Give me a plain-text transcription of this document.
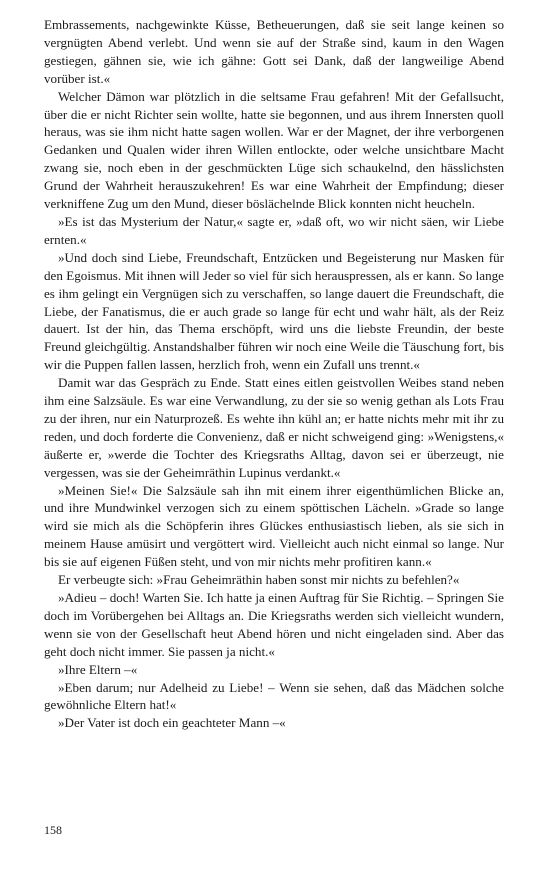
Embrassements, nachgewinkte Küsse, Betheuerungen, daß sie seit lange keinen so vergnügten Abend verlebt. Und wenn sie auf der Straße sind, kaum in den Wagen gestiegen, gähnen sie, wie ich gähne: Gott sei Dank, daß der langweilige Abend vorüber ist.«

Welcher Dämon war plötzlich in die seltsame Frau gefahren! Mit der Gefallsucht, über die er nicht Richter sein wollte, hatte sie begonnen, und aus ihrem Innersten quoll heraus, was sie ihm nicht hatte sagen wollen. War er der Magnet, der ihre verborgenen Gedanken und Qualen wider ihren Willen entlockte, oder welche unsichtbare Macht zwang sie, noch eben in der geschmückten Lüge sich schaukelnd, den hässlichsten Grund der Wahrheit herauszukehren! Es war eine Wahrheit der Empfindung; dieser verkniffene Zug um den Mund, dieser böslächelnde Blick konnten nicht heucheln.

»Es ist das Mysterium der Natur,« sagte er, »daß oft, wo wir nicht säen, wir Liebe ernten.«

»Und doch sind Liebe, Freundschaft, Entzücken und Begeisterung nur Masken für den Egoismus. Mit ihnen will Jeder so viel für sich herauspressen, als er kann. So lange es ihm gelingt ein Vergnügen sich zu verschaffen, so lange dauert die Freundschaft, die Liebe, der Fanatismus, die er auch grade so lange für echt und wahr hält, als der Reiz dauert. Ist der hin, das Thema erschöpft, wird uns die liebste Freundin, der beste Freund gleichgültig. Anstandshalber führen wir noch eine Weile die Täuschung fort, bis wir die Puppen fallen lassen, herzlich froh, wenn ein Zufall uns trennt.«

Damit war das Gespräch zu Ende. Statt eines eitlen geistvollen Weibes stand neben ihm eine Salzsäule. Es war eine Verwandlung, zu der sie so wenig gethan als Lots Frau zu der ihren, nur ein Naturprozeß. Es wehte ihn kühl an; er hatte nichts mehr mit ihr zu reden, und doch forderte die Convenienz, daß er nicht schweigend ging: »Wenigstens,« äußerte er, »werde die Tochter des Kriegsraths Alltag, davon sei er überzeugt, nie vergessen, was sie der Geheimräthin Lupinus verdankt.«

»Meinen Sie!« Die Salzsäule sah ihn mit einem ihrer eigenthümlichen Blicke an, und ihre Mundwinkel verzogen sich zu einem spöttischen Lächeln. »Grade so lange wird sie mich als die Schöpferin ihres Glückes enthusiastisch lieben, als sie sich in meinem Hause amüsirt und vergöttert wird. Vielleicht auch nicht einmal so lange. Nur bis sie auf eigenen Füßen steht, und von mir nichts mehr profitiren kann.«

Er verbeugte sich: »Frau Geheimräthin haben sonst mir nichts zu befehlen?«

»Adieu – doch! Warten Sie. Ich hatte ja einen Auftrag für Sie Richtig. – Springen Sie doch im Vorübergehen bei Alltags an. Die Kriegsraths werden sich vielleicht wundern, wenn sie von der Gesellschaft heut Abend hören und nicht eingeladen sind. Aber das geht doch nicht immer. Sie passen ja nicht.«

»Ihre Eltern –«

»Eben darum; nur Adelheid zu Liebe! – Wenn sie sehen, daß das Mädchen solche gewöhnliche Eltern hat!«

»Der Vater ist doch ein geachteter Mann –«

158
